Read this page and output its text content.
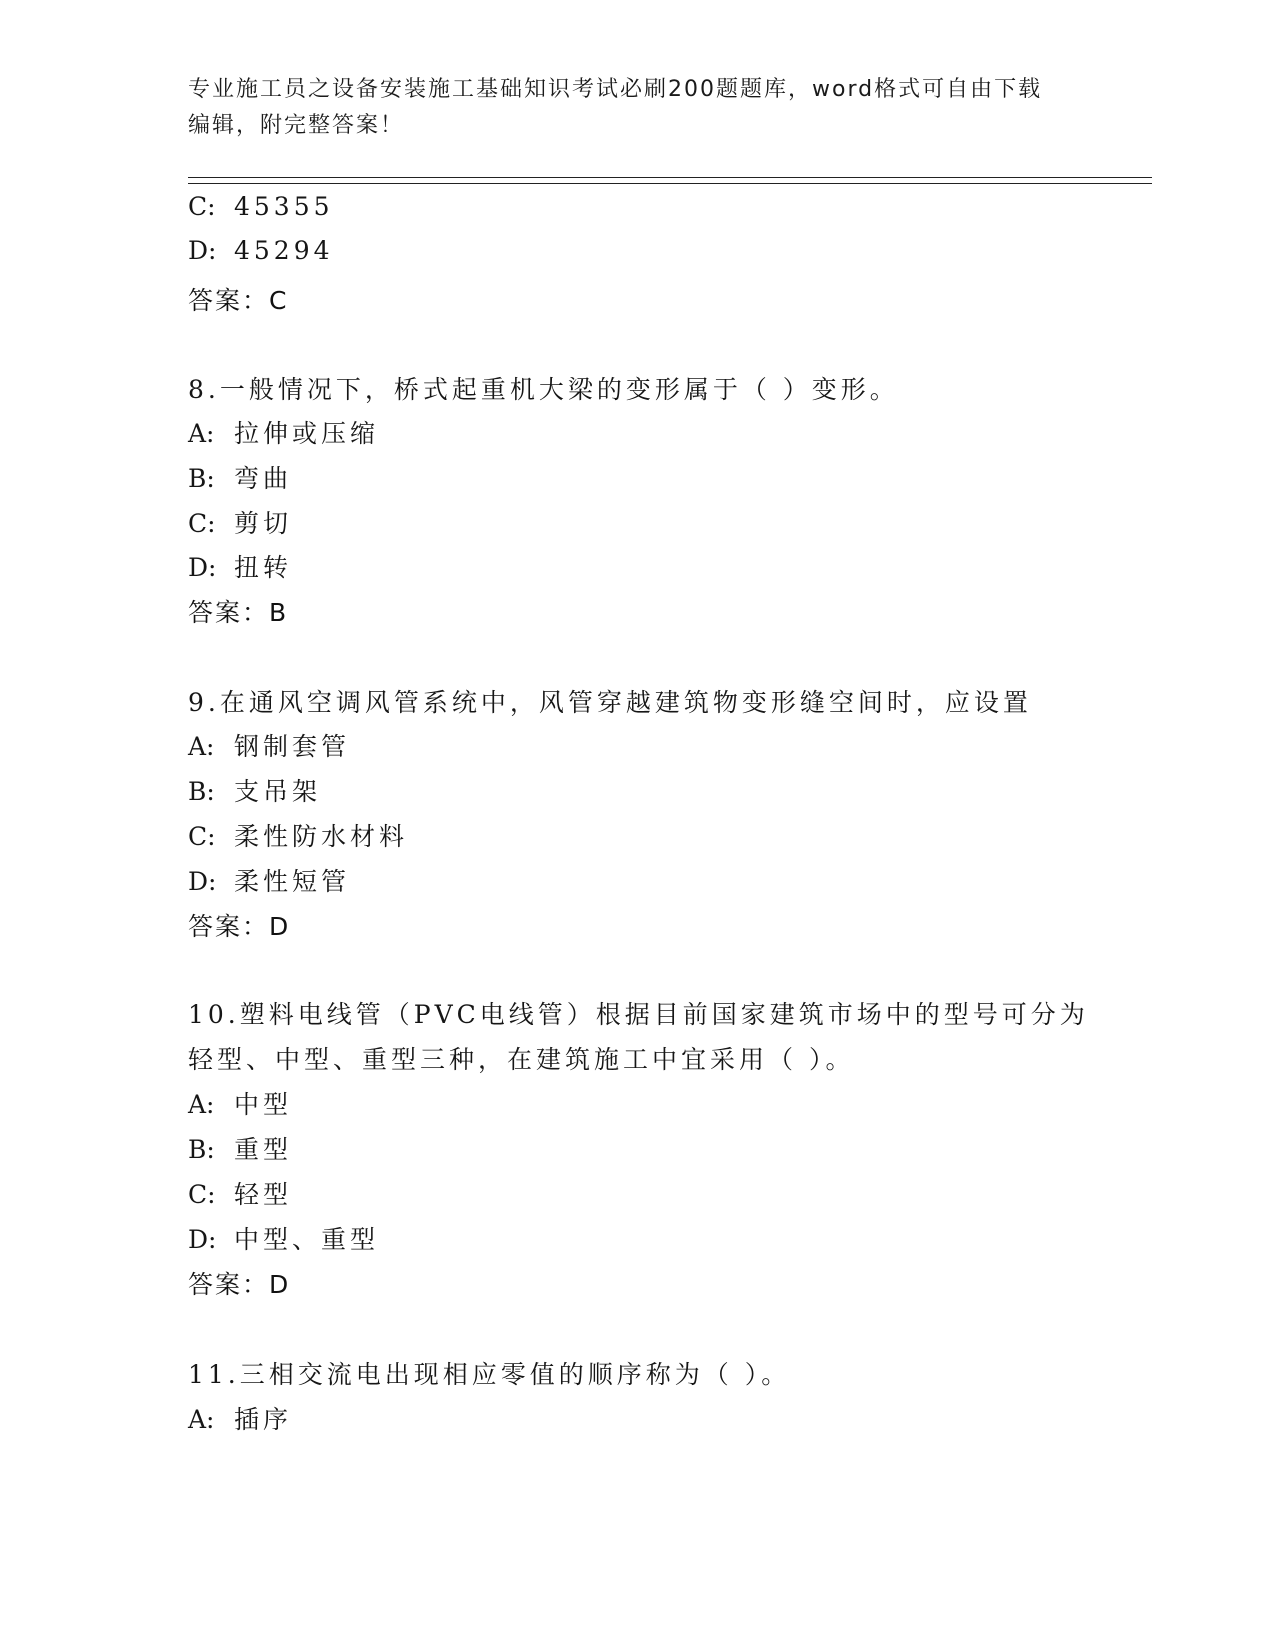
专业施工员之设备安装施工基础知识考试必刷200题题库，word格式可自由下载
编辑，附完整答案！
C: 45355
D: 45294
答案：C
8.一般情况下，桥式起重机大梁的变形属于（ ）变形。
A: 拉伸或压缩
B: 弯曲
C: 剪切
D: 扭转
答案：B
9.在通风空调风管系统中，风管穿越建筑物变形缝空间时，应设置
A: 钢制套管
B: 支吊架
C: 柔性防水材料
D: 柔性短管
答案：D
10.塑料电线管（PVC电线管）根据目前国家建筑市场中的型号可分为
轻型、中型、重型三种，在建筑施工中宜采用（ ）。
A: 中型
B: 重型
C: 轻型
D: 中型、重型
答案：D
11.三相交流电出现相应零值的顺序称为（ ）。
A: 插序
